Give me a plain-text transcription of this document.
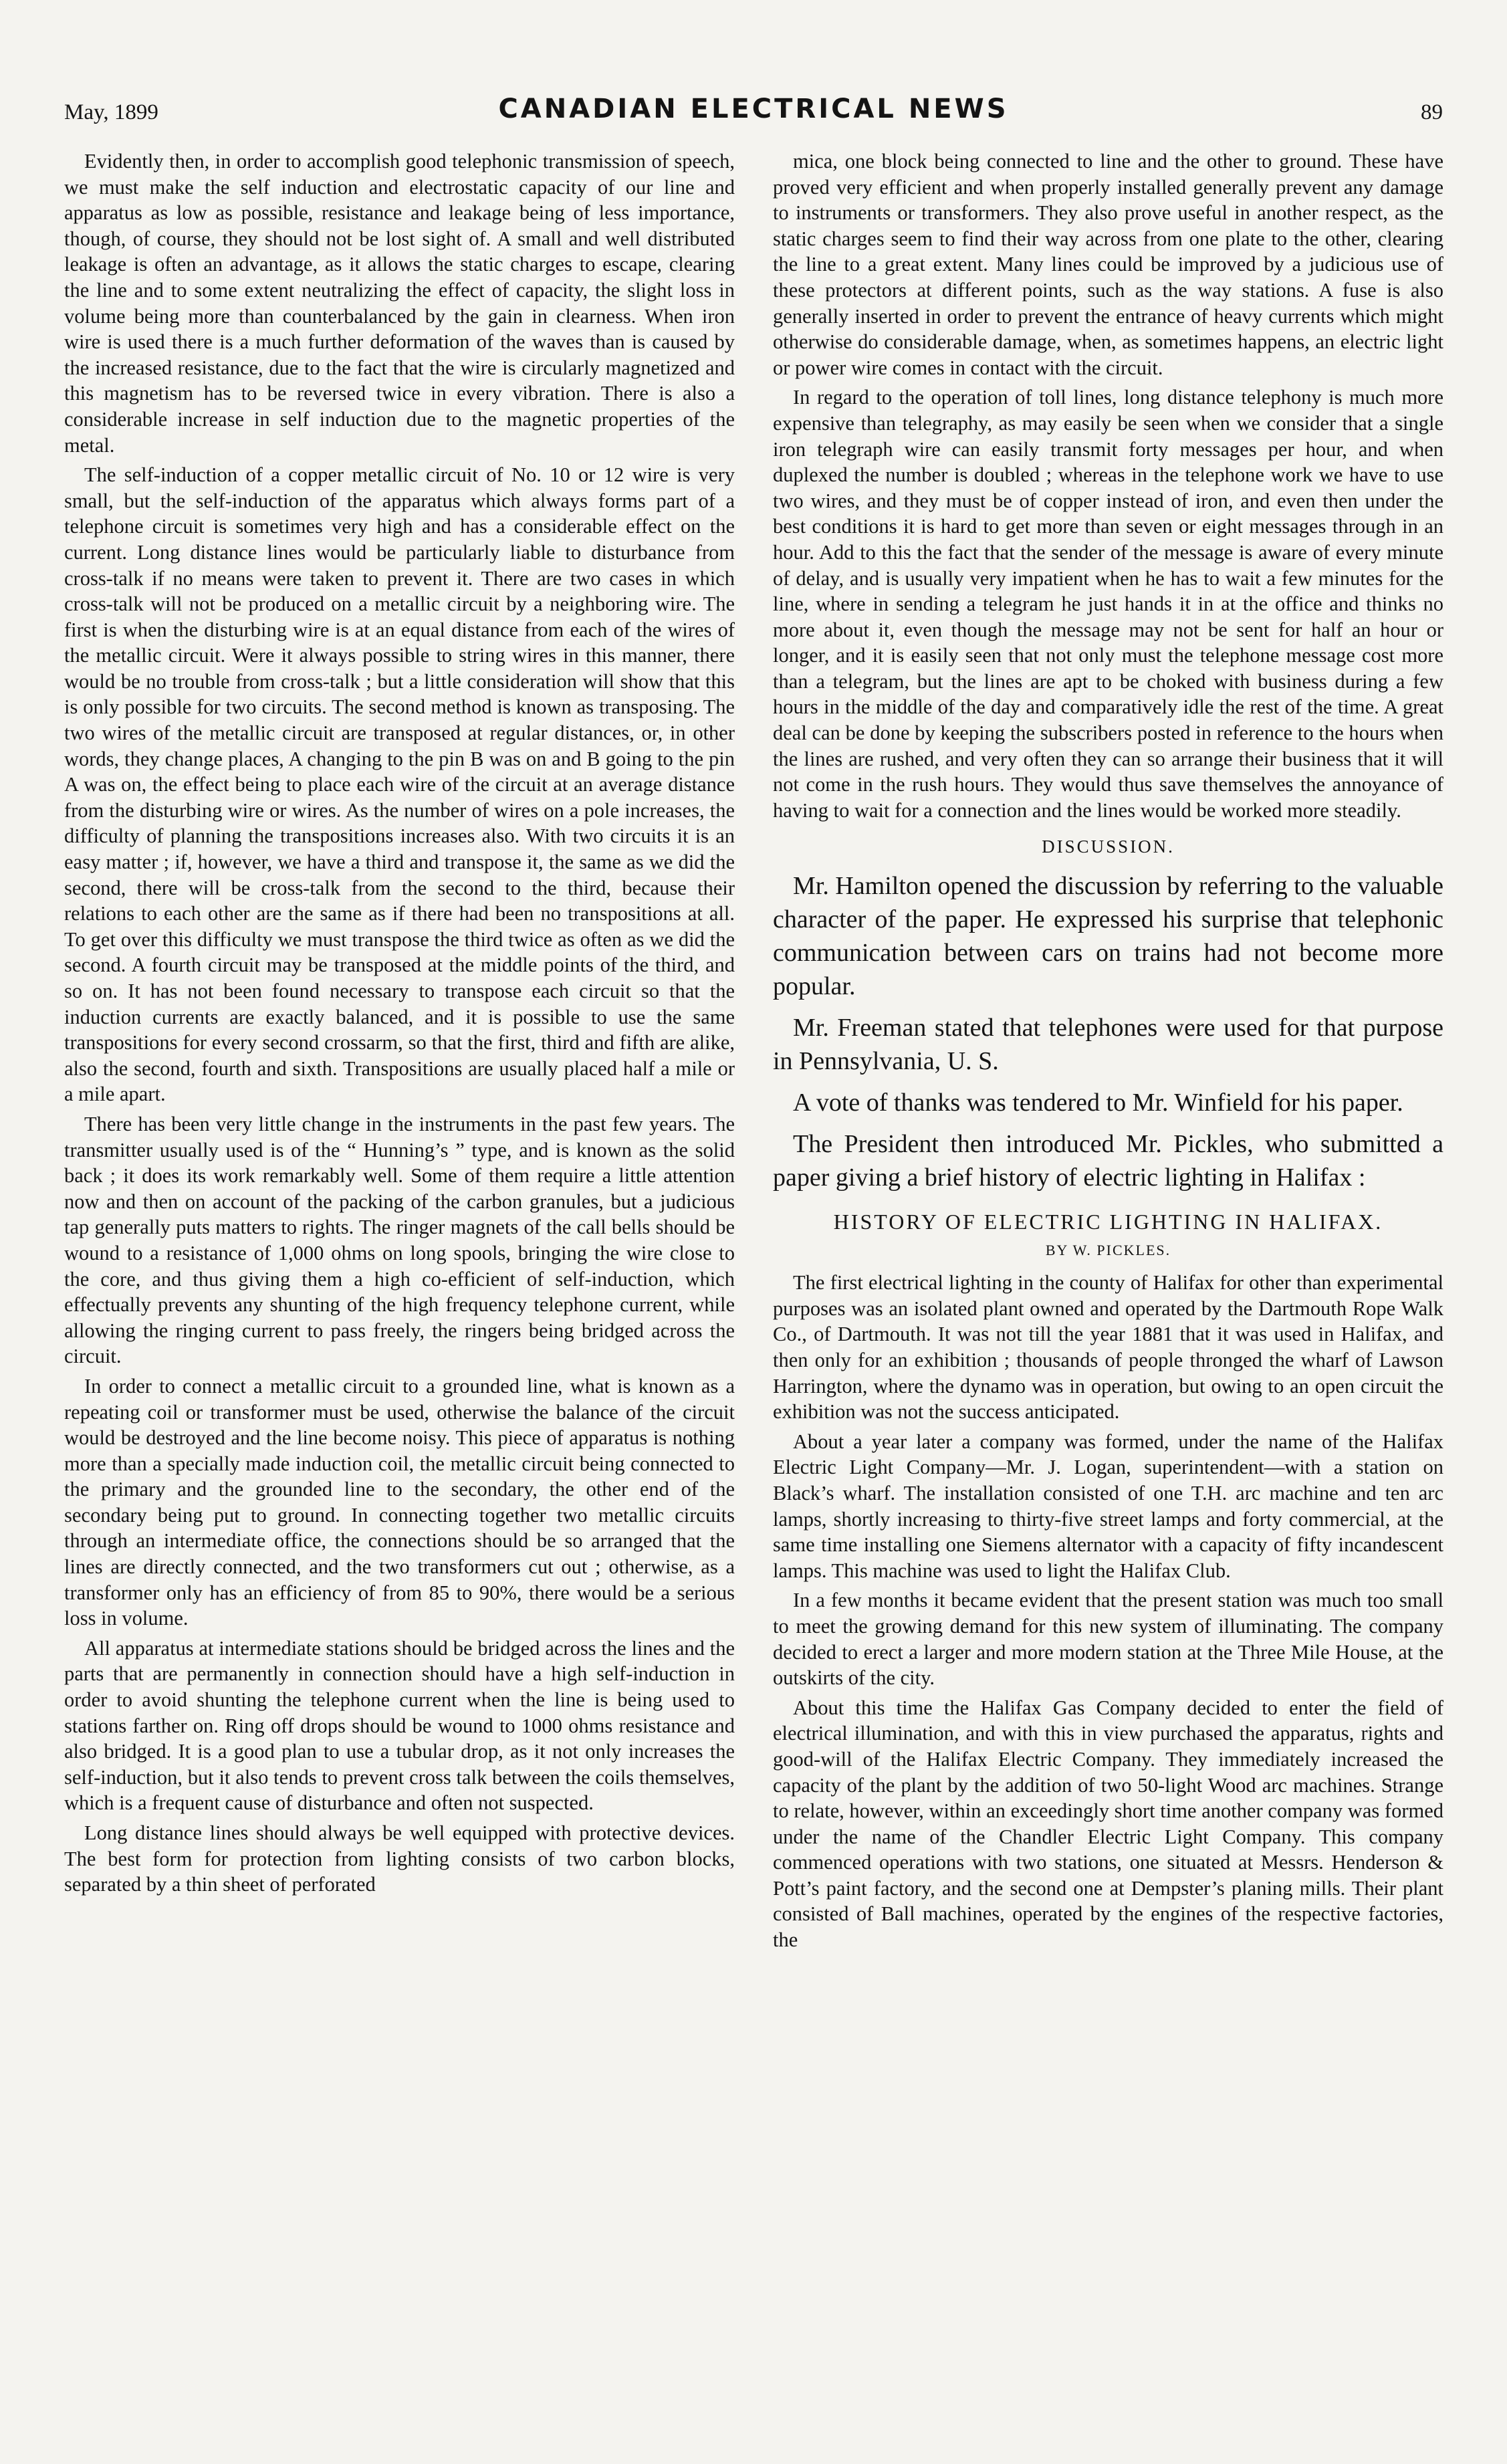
May, 1899	CANADIAN ELECTRICAL NEWS	89

Evidently then, in order to accomplish good telephonic transmission of speech, we must make the self induction and electrostatic capacity of our line and apparatus as low as possible, resistance and leakage being of less importance, though, of course, they should not be lost sight of. A small and well distributed leakage is often an advantage, as it allows the static charges to escape, clearing the line and to some extent neutralizing the effect of capacity, the slight loss in volume being more than counterbalanced by the gain in clearness. When iron wire is used there is a much further deformation of the waves than is caused by the increased resistance, due to the fact that the wire is circularly magnetized and this magnetism has to be reversed twice in every vibration. There is also a considerable increase in self induction due to the magnetic properties of the metal.

The self-induction of a copper metallic circuit of No. 10 or 12 wire is very small, but the self-induction of the apparatus which always forms part of a telephone circuit is sometimes very high and has a considerable effect on the current. Long distance lines would be particularly liable to disturbance from cross-talk if no means were taken to prevent it. There are two cases in which cross-talk will not be produced on a metallic circuit by a neighboring wire. The first is when the disturbing wire is at an equal distance from each of the wires of the metallic circuit. Were it always possible to string wires in this manner, there would be no trouble from cross-talk ; but a little consideration will show that this is only possible for two circuits. The second method is known as transposing. The two wires of the metallic circuit are transposed at regular distances, or, in other words, they change places, A changing to the pin B was on and B going to the pin A was on, the effect being to place each wire of the circuit at an average distance from the disturbing wire or wires. As the number of wires on a pole increases, the difficulty of planning the transpositions increases also. With two circuits it is an easy matter ; if, however, we have a third and transpose it, the same as we did the second, there will be cross-talk from the second to the third, because their relations to each other are the same as if there had been no transpositions at all. To get over this difficulty we must transpose the third twice as often as we did the second. A fourth circuit may be transposed at the middle points of the third, and so on. It has not been found necessary to transpose each circuit so that the induction currents are exactly balanced, and it is possible to use the same transpositions for every second crossarm, so that the first, third and fifth are alike, also the second, fourth and sixth. Transpositions are usually placed half a mile or a mile apart.

There has been very little change in the instruments in the past few years. The transmitter usually used is of the “ Hunning’s ” type, and is known as the solid back ; it does its work remarkably well. Some of them require a little attention now and then on account of the packing of the carbon granules, but a judicious tap generally puts matters to rights. The ringer magnets of the call bells should be wound to a resistance of 1,000 ohms on long spools, bringing the wire close to the core, and thus giving them a high co-efficient of self-induction, which effectually prevents any shunting of the high frequency telephone current, while allowing the ringing current to pass freely, the ringers being bridged across the circuit.

In order to connect a metallic circuit to a grounded line, what is known as a repeating coil or transformer must be used, otherwise the balance of the circuit would be destroyed and the line become noisy. This piece of apparatus is nothing more than a specially made induction coil, the metallic circuit being connected to the primary and the grounded line to the secondary, the other end of the secondary being put to ground. In connecting together two metallic circuits through an intermediate office, the connections should be so arranged that the lines are directly connected, and the two transformers cut out ; otherwise, as a transformer only has an efficiency of from 85 to 90%, there would be a serious loss in volume.

All apparatus at intermediate stations should be bridged across the lines and the parts that are permanently in connection should have a high self-induction in order to avoid shunting the telephone current when the line is being used to stations farther on. Ring off drops should be wound to 1000 ohms resistance and also bridged. It is a good plan to use a tubular drop, as it not only increases the self-induction, but it also tends to prevent cross talk between the coils themselves, which is a frequent cause of disturbance and often not suspected.

Long distance lines should always be well equipped with protective devices. The best form for protection from lighting consists of two carbon blocks, separated by a thin sheet of perforated

mica, one block being connected to line and the other to ground. These have proved very efficient and when properly installed generally prevent any damage to instruments or transformers. They also prove useful in another respect, as the static charges seem to find their way across from one plate to the other, clearing the line to a great extent. Many lines could be improved by a judicious use of these protectors at different points, such as the way stations. A fuse is also generally inserted in order to prevent the entrance of heavy currents which might otherwise do considerable damage, when, as sometimes happens, an electric light or power wire comes in contact with the circuit.

In regard to the operation of toll lines, long distance telephony is much more expensive than telegraphy, as may easily be seen when we consider that a single iron telegraph wire can easily transmit forty messages per hour, and when duplexed the number is doubled ; whereas in the telephone work we have to use two wires, and they must be of copper instead of iron, and even then under the best conditions it is hard to get more than seven or eight messages through in an hour. Add to this the fact that the sender of the message is aware of every minute of delay, and is usually very impatient when he has to wait a few minutes for the line, where in sending a telegram he just hands it in at the office and thinks no more about it, even though the message may not be sent for half an hour or longer, and it is easily seen that not only must the telephone message cost more than a telegram, but the lines are apt to be choked with business during a few hours in the middle of the day and comparatively idle the rest of the time. A great deal can be done by keeping the subscribers posted in reference to the hours when the lines are rushed, and very often they can so arrange their business that it will not come in the rush hours. They would thus save themselves the annoyance of having to wait for a connection and the lines would be worked more steadily.

DISCUSSION.

Mr. Hamilton opened the discussion by referring to the valuable character of the paper. He expressed his surprise that telephonic communication between cars on trains had not become more popular.

Mr. Freeman stated that telephones were used for that purpose in Pennsylvania, U. S.

A vote of thanks was tendered to Mr. Winfield for his paper.

The President then introduced Mr. Pickles, who submitted a paper giving a brief history of electric lighting in Halifax :

HISTORY OF ELECTRIC LIGHTING IN HALIFAX.
BY W. PICKLES.

The first electrical lighting in the county of Halifax for other than experimental purposes was an isolated plant owned and operated by the Dartmouth Rope Walk Co., of Dartmouth. It was not till the year 1881 that it was used in Halifax, and then only for an exhibition ; thousands of people thronged the wharf of Lawson Harrington, where the dynamo was in operation, but owing to an open circuit the exhibition was not the success anticipated.

About a year later a company was formed, under the name of the Halifax Electric Light Company—Mr. J. Logan, superintendent—with a station on Black’s wharf. The installation consisted of one T.H. arc machine and ten arc lamps, shortly increasing to thirty-five street lamps and forty commercial, at the same time installing one Siemens alternator with a capacity of fifty incandescent lamps. This machine was used to light the Halifax Club.

In a few months it became evident that the present station was much too small to meet the growing demand for this new system of illuminating. The company decided to erect a larger and more modern station at the Three Mile House, at the outskirts of the city.

About this time the Halifax Gas Company decided to enter the field of electrical illumination, and with this in view purchased the apparatus, rights and good-will of the Halifax Electric Company. They immediately increased the capacity of the plant by the addition of two 50-light Wood arc machines. Strange to relate, however, within an exceedingly short time another company was formed under the name of the Chandler Electric Light Company. This company commenced operations with two stations, one situated at Messrs. Henderson & Pott’s paint factory, and the second one at Dempster’s planing mills. Their plant consisted of Ball machines, operated by the engines of the respective factories, the
